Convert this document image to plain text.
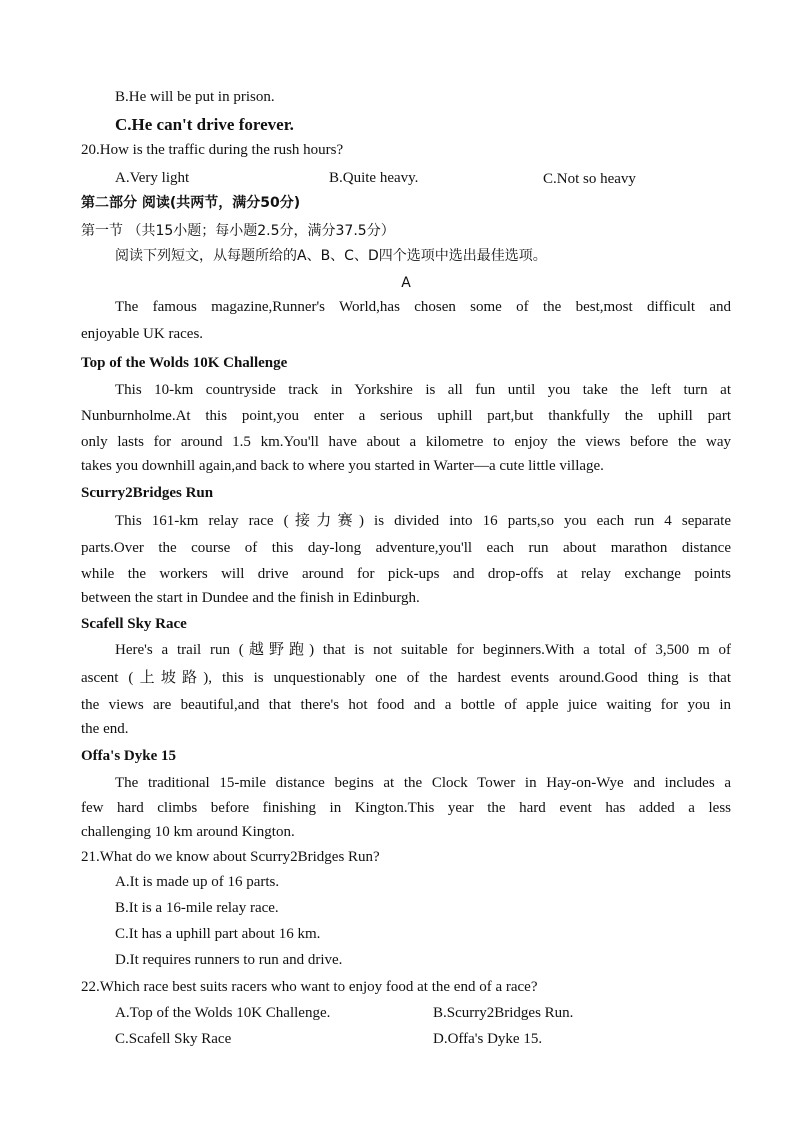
B.He will be put in prison.
C.He can't drive forever.
20.How is the traffic during the rush hours?
A.Very light	B.Quite heavy.	C.Not so heavy
第二部分 阅读(共两节，满分50分)
第一节 （共15小题；每小题2.5分，满分37.5分）
阅读下列短文，从每题所给的A、B、C、D四个选项中选出最佳选项。
A
The famous magazine,Runner's World,has chosen some of the best,most difficult and
enjoyable UK races.
Top of the Wolds 10K Challenge
This 10-km countryside track in Yorkshire is all fun until you take the left turn at
Nunburnholme.At this point,you enter a serious uphill part,but thankfully the uphill part
only lasts for around 1.5 km.You'll have about a kilometre to enjoy the views before the way
takes you downhill again,and back to where you started in Warter—a cute little village.
Scurry2Bridges Run
This 161-km relay race (接力赛) is divided into 16 parts,so you each run 4 separate
parts.Over the course of this day-long adventure,you'll each run about marathon distance
while the workers will drive around for pick-ups and drop-offs at relay exchange points
between the start in Dundee and the finish in Edinburgh.
Scafell Sky Race
Here's a trail run (越野跑) that is not suitable for beginners.With a total of 3,500 m of
ascent (上坡路), this is unquestionably one of the hardest events around.Good thing is that
the views are beautiful,and that there's hot food and a bottle of apple juice waiting for you in
the end.
Offa's Dyke 15
The traditional 15-mile distance begins at the Clock Tower in Hay-on-Wye and includes a
few hard climbs before finishing in Kington.This year the hard event has added a less
challenging 10 km around Kington.
21.What do we know about Scurry2Bridges Run?
A.It is made up of 16 parts.
B.It is a 16-mile relay race.
C.It has a uphill part about 16 km.
D.It requires runners to run and drive.
22.Which race best suits racers who want to enjoy food at the end of a race?
A.Top of the Wolds 10K Challenge.	B.Scurry2Bridges Run.
C.Scafell Sky Race	D.Offa's Dyke 15.
